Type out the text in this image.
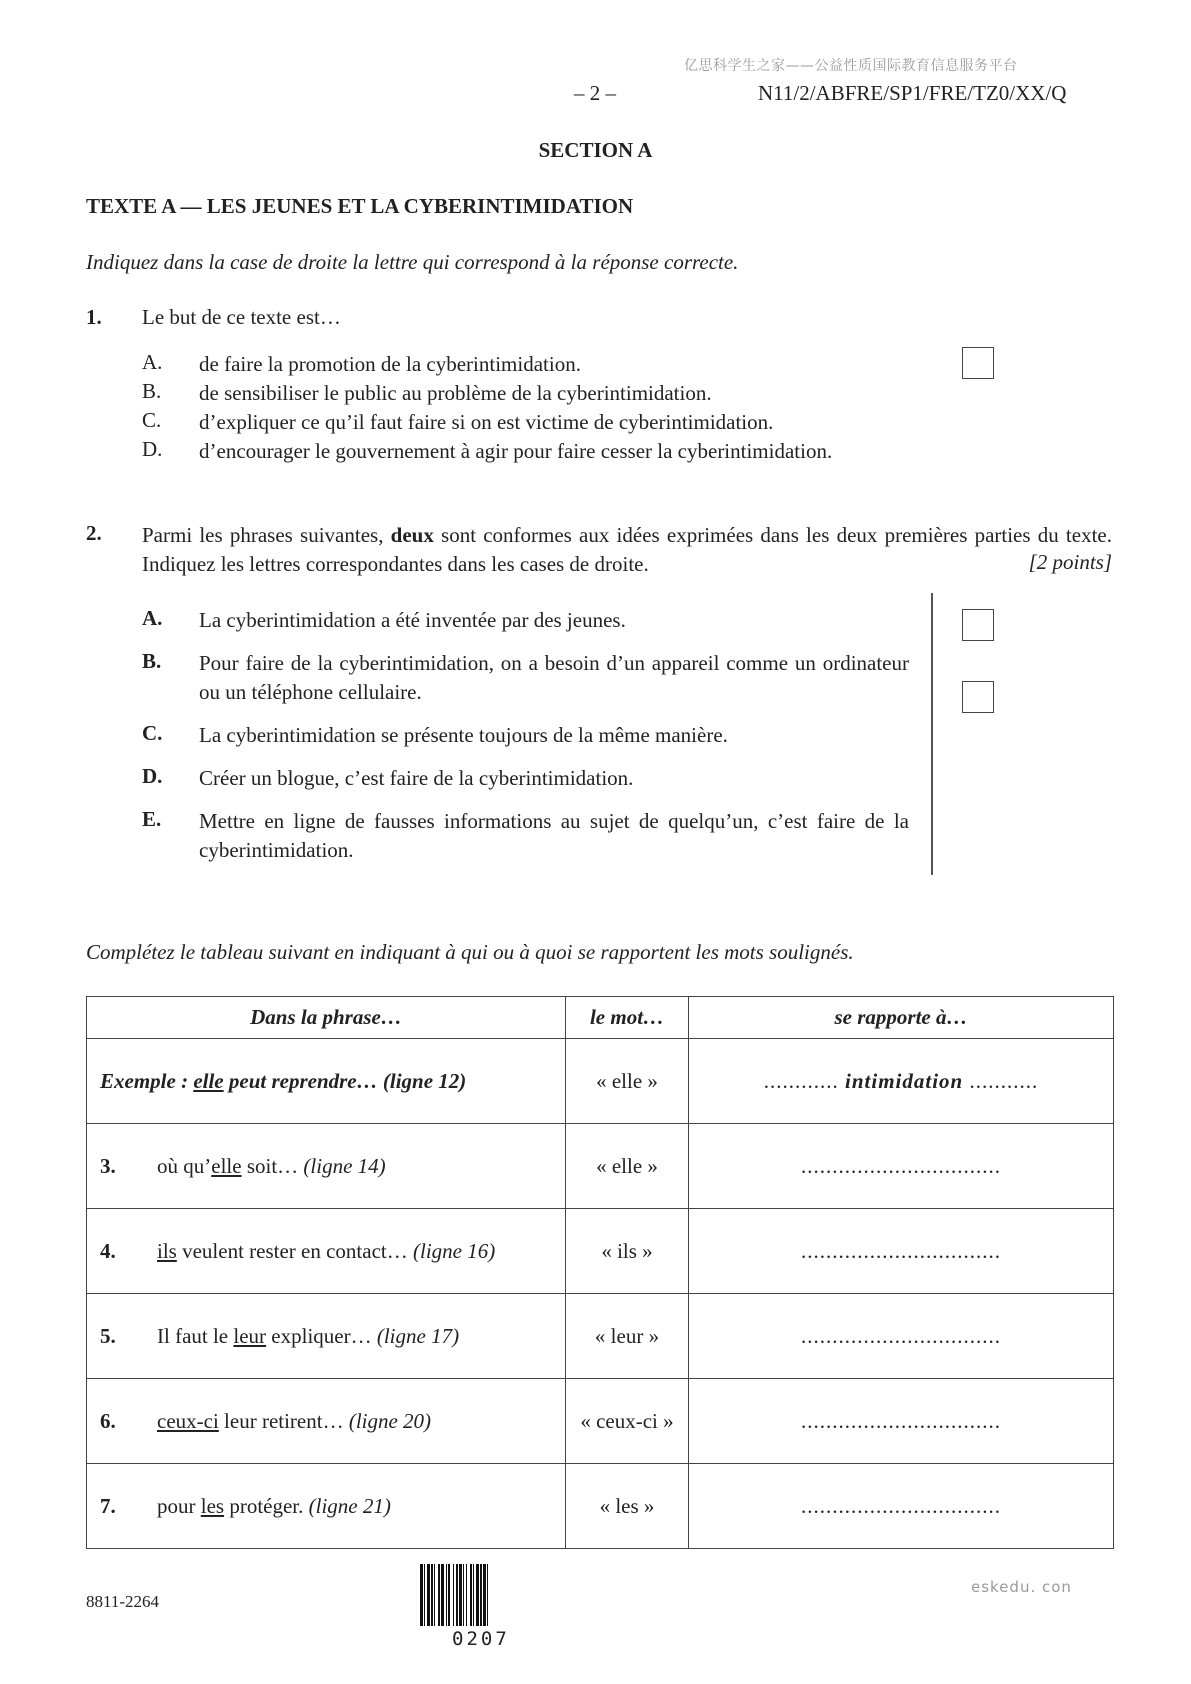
亿思科学生之家——公益性质国际教育信息服务平台
– 2 –	N11/2/ABFRE/SP1/FRE/TZ0/XX/Q
SECTION A
TEXTE A — LES JEUNES ET LA CYBERINTIMIDATION
Indiquez dans la case de droite la lettre qui correspond à la réponse correcte.
1. Le but de ce texte est…
A. de faire la promotion de la cyberintimidation.
B. de sensibiliser le public au problème de la cyberintimidation.
C. d’expliquer ce qu’il faut faire si on est victime de cyberintimidation.
D. d’encourager le gouvernement à agir pour faire cesser la cyberintimidation.
2. Parmi les phrases suivantes, deux sont conformes aux idées exprimées dans les deux premières parties du texte. Indiquez les lettres correspondantes dans les cases de droite.	[2 points]
A. La cyberintimidation a été inventée par des jeunes.
B. Pour faire de la cyberintimidation, on a besoin d’un appareil comme un ordinateur ou un téléphone cellulaire.
C. La cyberintimidation se présente toujours de la même manière.
D. Créer un blogue, c’est faire de la cyberintimidation.
E. Mettre en ligne de fausses informations au sujet de quelqu’un, c’est faire de la cyberintimidation.
Complétez le tableau suivant en indiquant à qui ou à quoi se rapportent les mots soulignés.
Dans la phrase…	le mot…	se rapporte à…
Exemple : elle peut reprendre… (ligne 12)	« elle »	............ intimidation ...........
3. où qu’elle soit… (ligne 14)	« elle »	................................
4. ils veulent rester en contact… (ligne 16)	« ils »	................................
5. Il faut le leur expliquer… (ligne 17)	« leur »	................................
6. ceux-ci leur retirent… (ligne 20)	« ceux-ci »	................................
7. pour les protéger. (ligne 21)	« les »	................................
8811-2264
0207
eskedu. con
